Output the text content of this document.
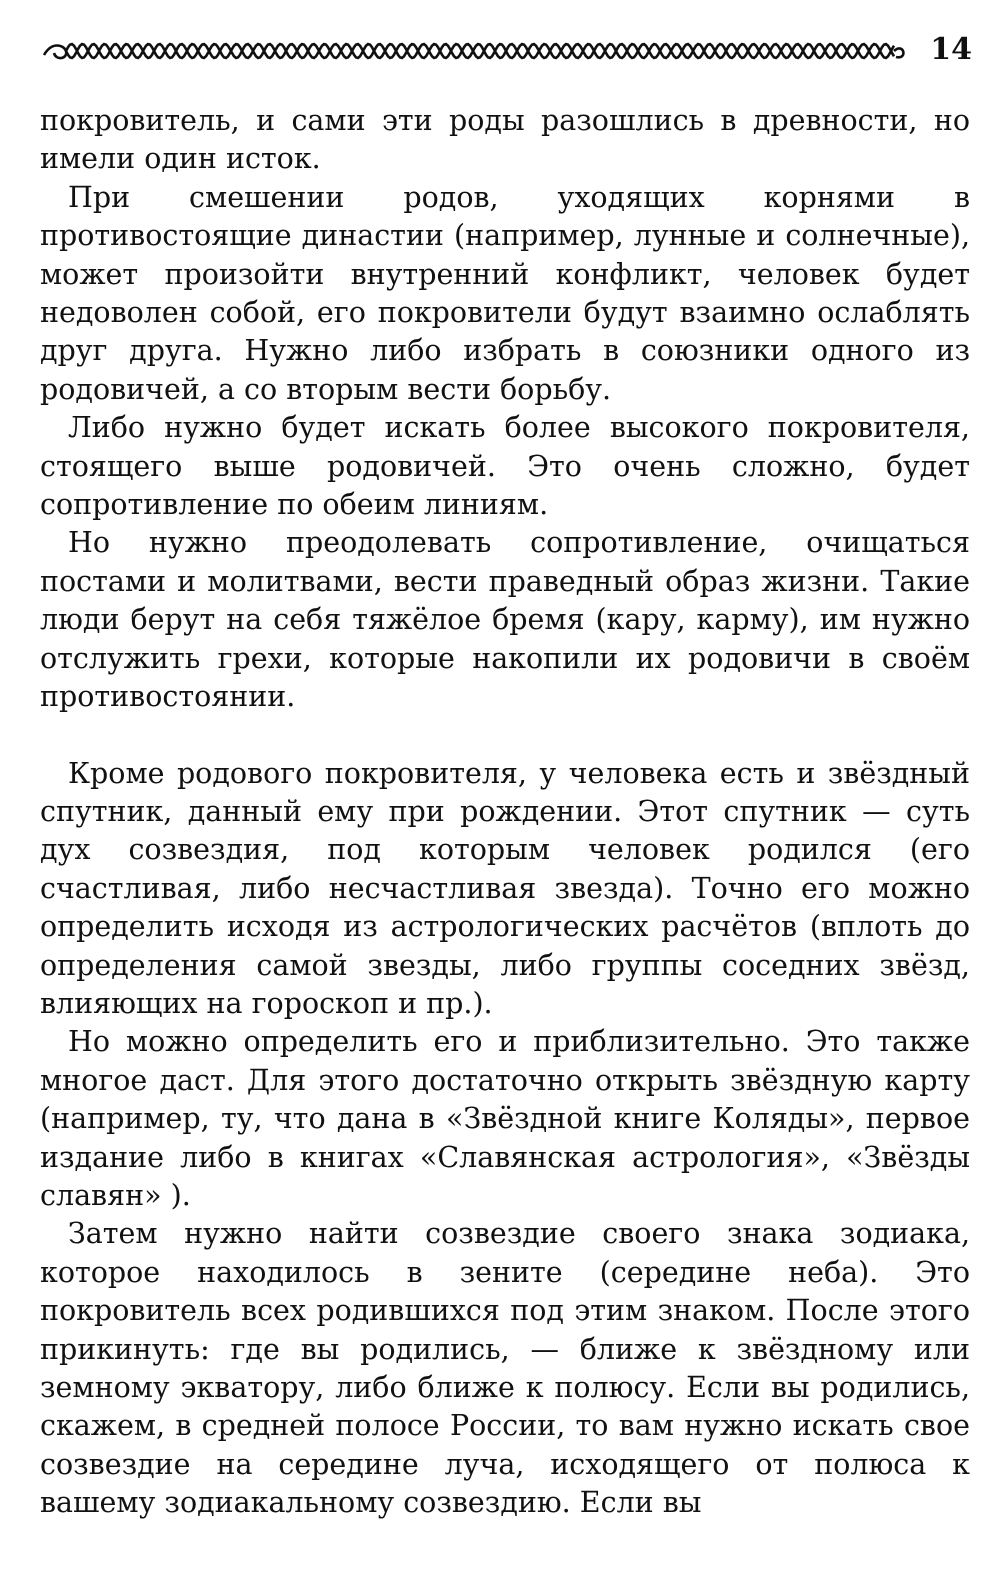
14

покровитель, и сами эти роды разошлись в древности, но имели один исток.

При смешении родов, уходящих корнями в противостоящие династии (например, лунные и солнечные), может произойти внутренний конфликт, человек будет недоволен собой, его покровители будут взаимно ослаблять друг друга. Нужно либо избрать в союзники одного из родовичей, а со вторым вести борьбу.

Либо нужно будет искать более высокого покровителя, стоящего выше родовичей. Это очень сложно, будет сопротивление по обеим линиям.

Но нужно преодолевать сопротивление, очищаться постами и молитвами, вести праведный образ жизни. Такие люди берут на себя тяжёлое бремя (кару, карму), им нужно отслужить грехи, которые накопили их родовичи в своём противостоянии.

Кроме родового покровителя, у человека есть и звёздный спутник, данный ему при рождении. Этот спутник — суть дух созвездия, под которым человек родился (его счастливая, либо несчастливая звезда). Точно его можно определить исходя из астрологических расчётов (вплоть до определения самой звезды, либо группы соседних звёзд, влияющих на гороскоп и пр.).

Но можно определить его и приблизительно. Это также многое даст. Для этого достаточно открыть звёздную карту (например, ту, что дана в «Звёздной книге Коляды», первое издание либо в книгах «Славянская астрология», «Звёзды славян» ).

Затем нужно найти созвездие своего знака зодиака, которое находилось в зените (середине неба). Это покровитель всех родившихся под этим знаком. После этого прикинуть: где вы родились, — ближе к звёздному или земному экватору, либо ближе к полюсу. Если вы родились, скажем, в средней полосе России, то вам нужно искать свое созвездие на середине луча, исходящего от полюса к вашему зодиакальному созвездию. Если вы
